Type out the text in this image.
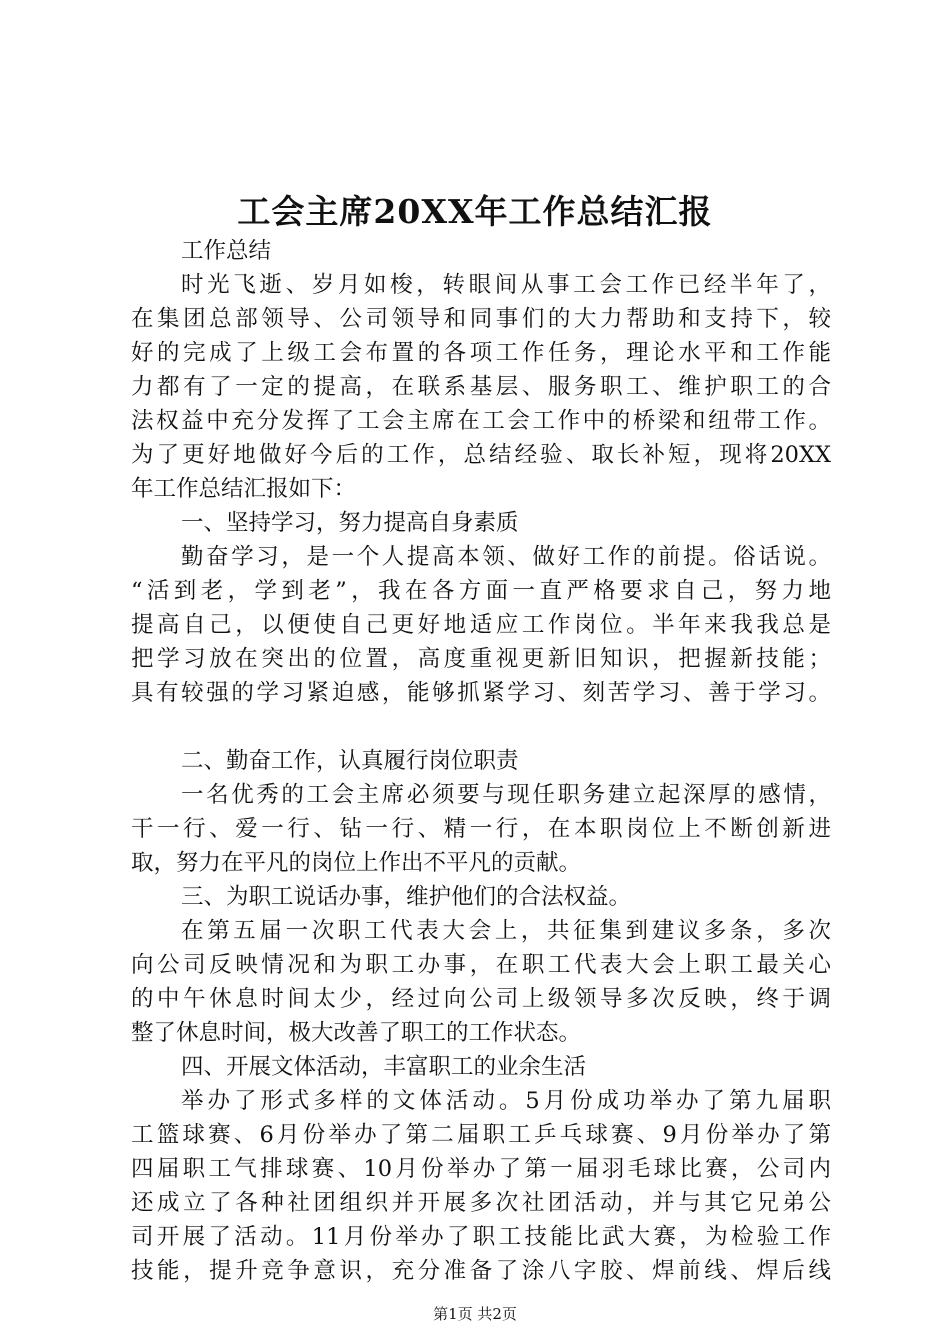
工会主席20XX年工作总结汇报
工作总结
时光飞逝、岁月如梭，转眼间从事工会工作已经半年了，
在集团总部领导、公司领导和同事们的大力帮助和支持下，较
好的完成了上级工会布置的各项工作任务，理论水平和工作能
力都有了一定的提高，在联系基层、服务职工、维护职工的合
法权益中充分发挥了工会主席在工会工作中的桥梁和纽带工作。
为了更好地做好今后的工作，总结经验、取长补短，现将20XX
年工作总结汇报如下：
一、坚持学习，努力提高自身素质
勤奋学习，是一个人提高本领、做好工作的前提。俗话说。
“活到老，学到老”，我在各方面一直严格要求自己，努力地
提高自己，以便使自己更好地适应工作岗位。半年来我我总是
把学习放在突出的位置，高度重视更新旧知识，把握新技能；
具有较强的学习紧迫感，能够抓紧学习、刻苦学习、善于学习。
二、勤奋工作，认真履行岗位职责
一名优秀的工会主席必须要与现任职务建立起深厚的感情，
干一行、爱一行、钻一行、精一行，在本职岗位上不断创新进
取，努力在平凡的岗位上作出不平凡的贡献。
三、为职工说话办事，维护他们的合法权益。
在第五届一次职工代表大会上，共征集到建议多条，多次
向公司反映情况和为职工办事，在职工代表大会上职工最关心
的中午休息时间太少，经过向公司上级领导多次反映，终于调
整了休息时间，极大改善了职工的工作状态。
四、开展文体活动，丰富职工的业余生活
举办了形式多样的文体活动。5月份成功举办了第九届职
工篮球赛、6月份举办了第二届职工乒乓球赛、9月份举办了第
四届职工气排球赛、10月份举办了第一届羽毛球比赛，公司内
还成立了各种社团组织并开展多次社团活动，并与其它兄弟公
司开展了活动。11月份举办了职工技能比武大赛，为检验工作
技能，提升竞争意识，充分准备了涂八字胶、焊前线、焊后线
第1页 共2页
